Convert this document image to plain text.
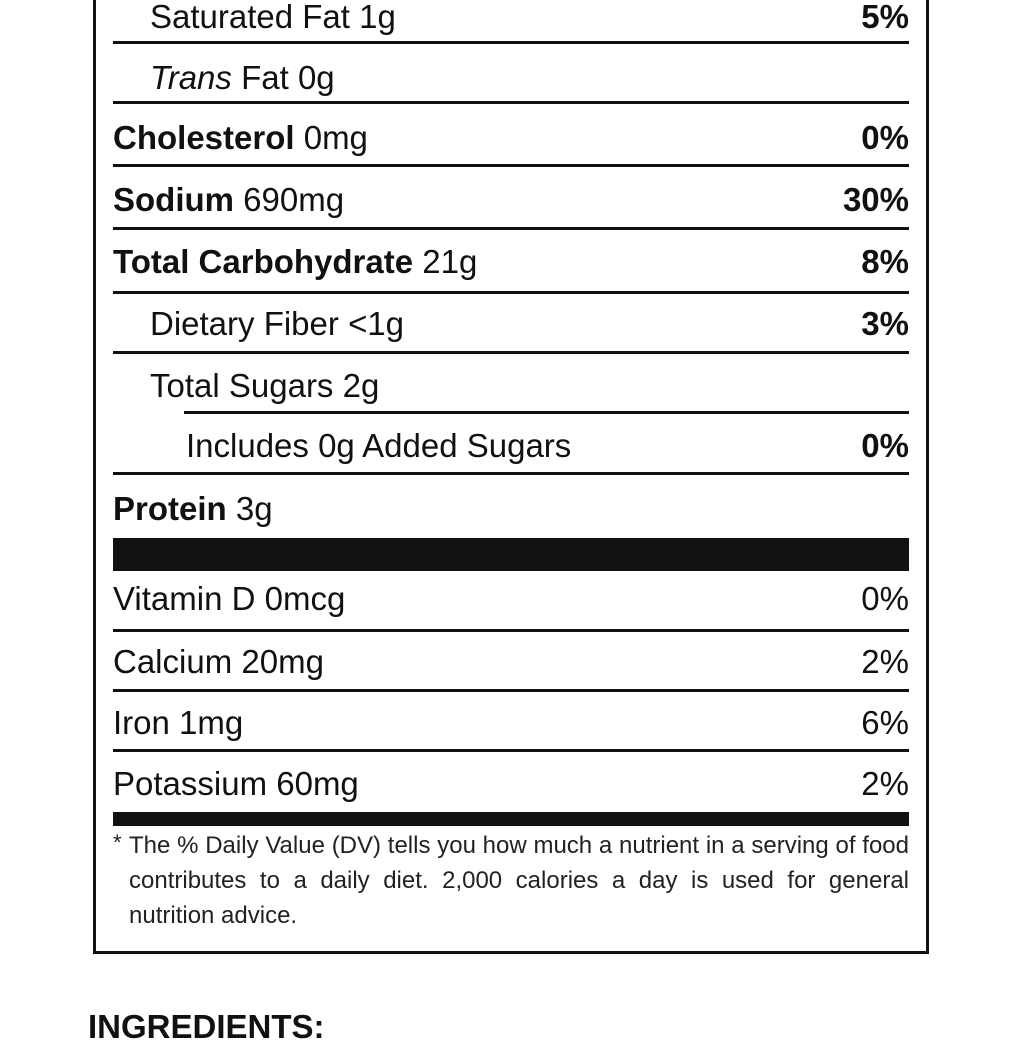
Saturated Fat 1g	5%
Trans Fat 0g
Cholesterol 0mg	0%
Sodium 690mg	30%
Total Carbohydrate 21g	8%
Dietary Fiber <1g	3%
Total Sugars 2g
Includes 0g Added Sugars	0%
Protein 3g
Vitamin D 0mcg	0%
Calcium 20mg	2%
Iron 1mg	6%
Potassium 60mg	2%
* The % Daily Value (DV) tells you how much a nutrient in a serving of food contributes to a daily diet. 2,000 calories a day is used for general nutrition advice.
INGREDIENTS:
